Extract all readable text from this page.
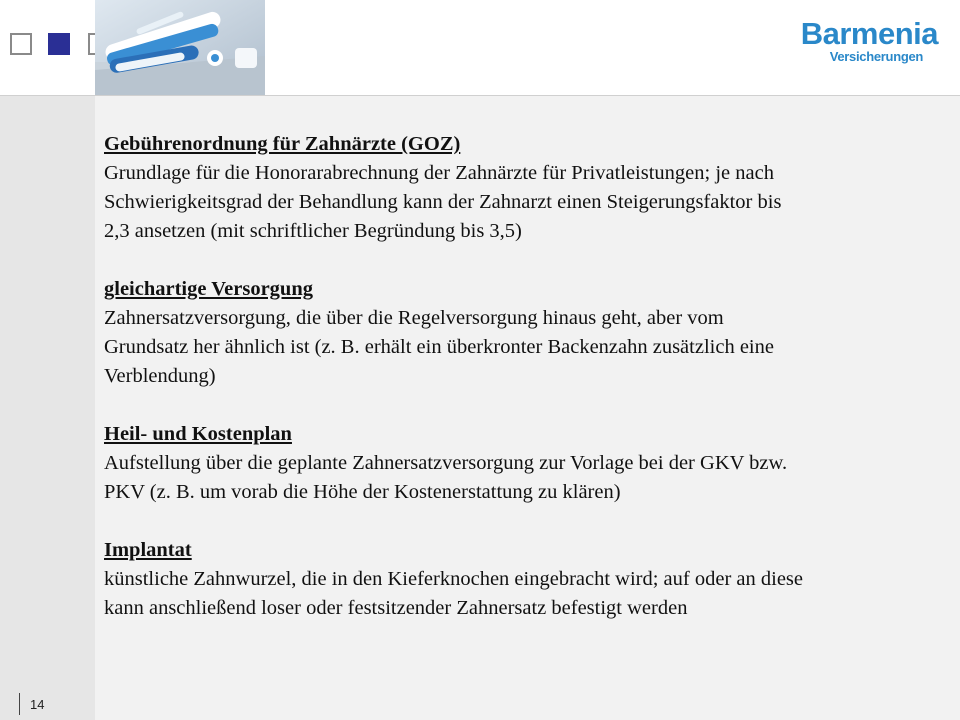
Barmenia
Versicherungen

Gebührenordnung für Zahnärzte (GOZ)

Grundlage für die Honorarabrechnung der Zahnärzte für Privatleistungen; je nach

Schwierigkeitsgrad der Behandlung kann der Zahnarzt einen Steigerungsfaktor bis

2,3 ansetzen (mit schriftlicher Begründung bis 3,5)

gleichartige Versorgung

Zahnersatzversorgung, die über die Regelversorgung hinaus geht, aber vom

Grundsatz her ähnlich ist (z. B. erhält ein überkronter Backenzahn zusätzlich eine

Verblendung)

Heil- und Kostenplan

Aufstellung über die geplante Zahnersatzversorgung zur Vorlage bei der GKV bzw.

PKV (z. B. um vorab die Höhe der Kostenerstattung zu klären)

Implantat

künstliche Zahnwurzel, die in den Kieferknochen eingebracht wird; auf oder an diese

kann anschließend loser oder festsitzender Zahnersatz befestigt werden

14
